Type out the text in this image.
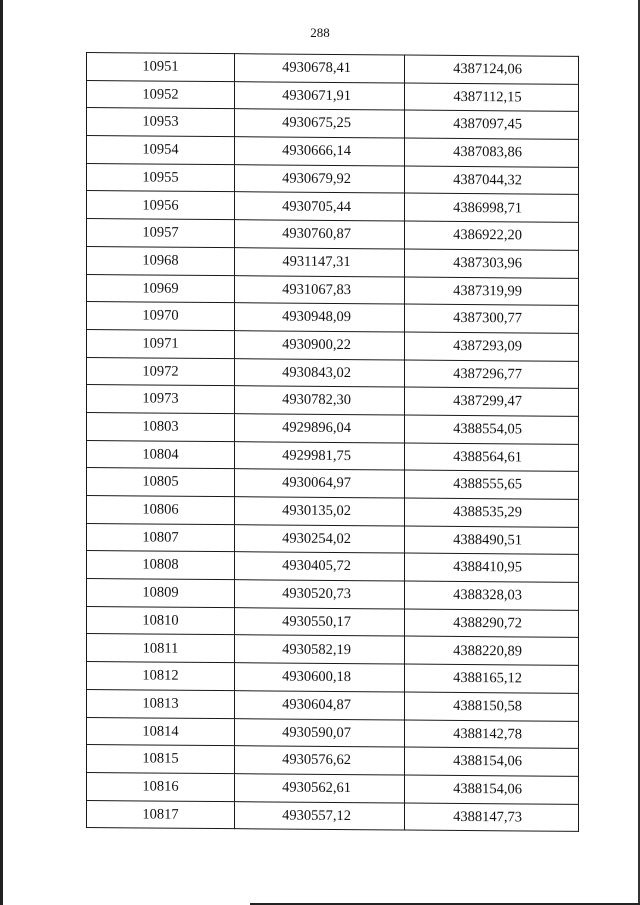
288
10951	4930678,41	4387124,06
10952	4930671,91	4387112,15
10953	4930675,25	4387097,45
10954	4930666,14	4387083,86
10955	4930679,92	4387044,32
10956	4930705,44	4386998,71
10957	4930760,87	4386922,20
10968	4931147,31	4387303,96
10969	4931067,83	4387319,99
10970	4930948,09	4387300,77
10971	4930900,22	4387293,09
10972	4930843,02	4387296,77
10973	4930782,30	4387299,47
10803	4929896,04	4388554,05
10804	4929981,75	4388564,61
10805	4930064,97	4388555,65
10806	4930135,02	4388535,29
10807	4930254,02	4388490,51
10808	4930405,72	4388410,95
10809	4930520,73	4388328,03
10810	4930550,17	4388290,72
10811	4930582,19	4388220,89
10812	4930600,18	4388165,12
10813	4930604,87	4388150,58
10814	4930590,07	4388142,78
10815	4930576,62	4388154,06
10816	4930562,61	4388154,06
10817	4930557,12	4388147,73
